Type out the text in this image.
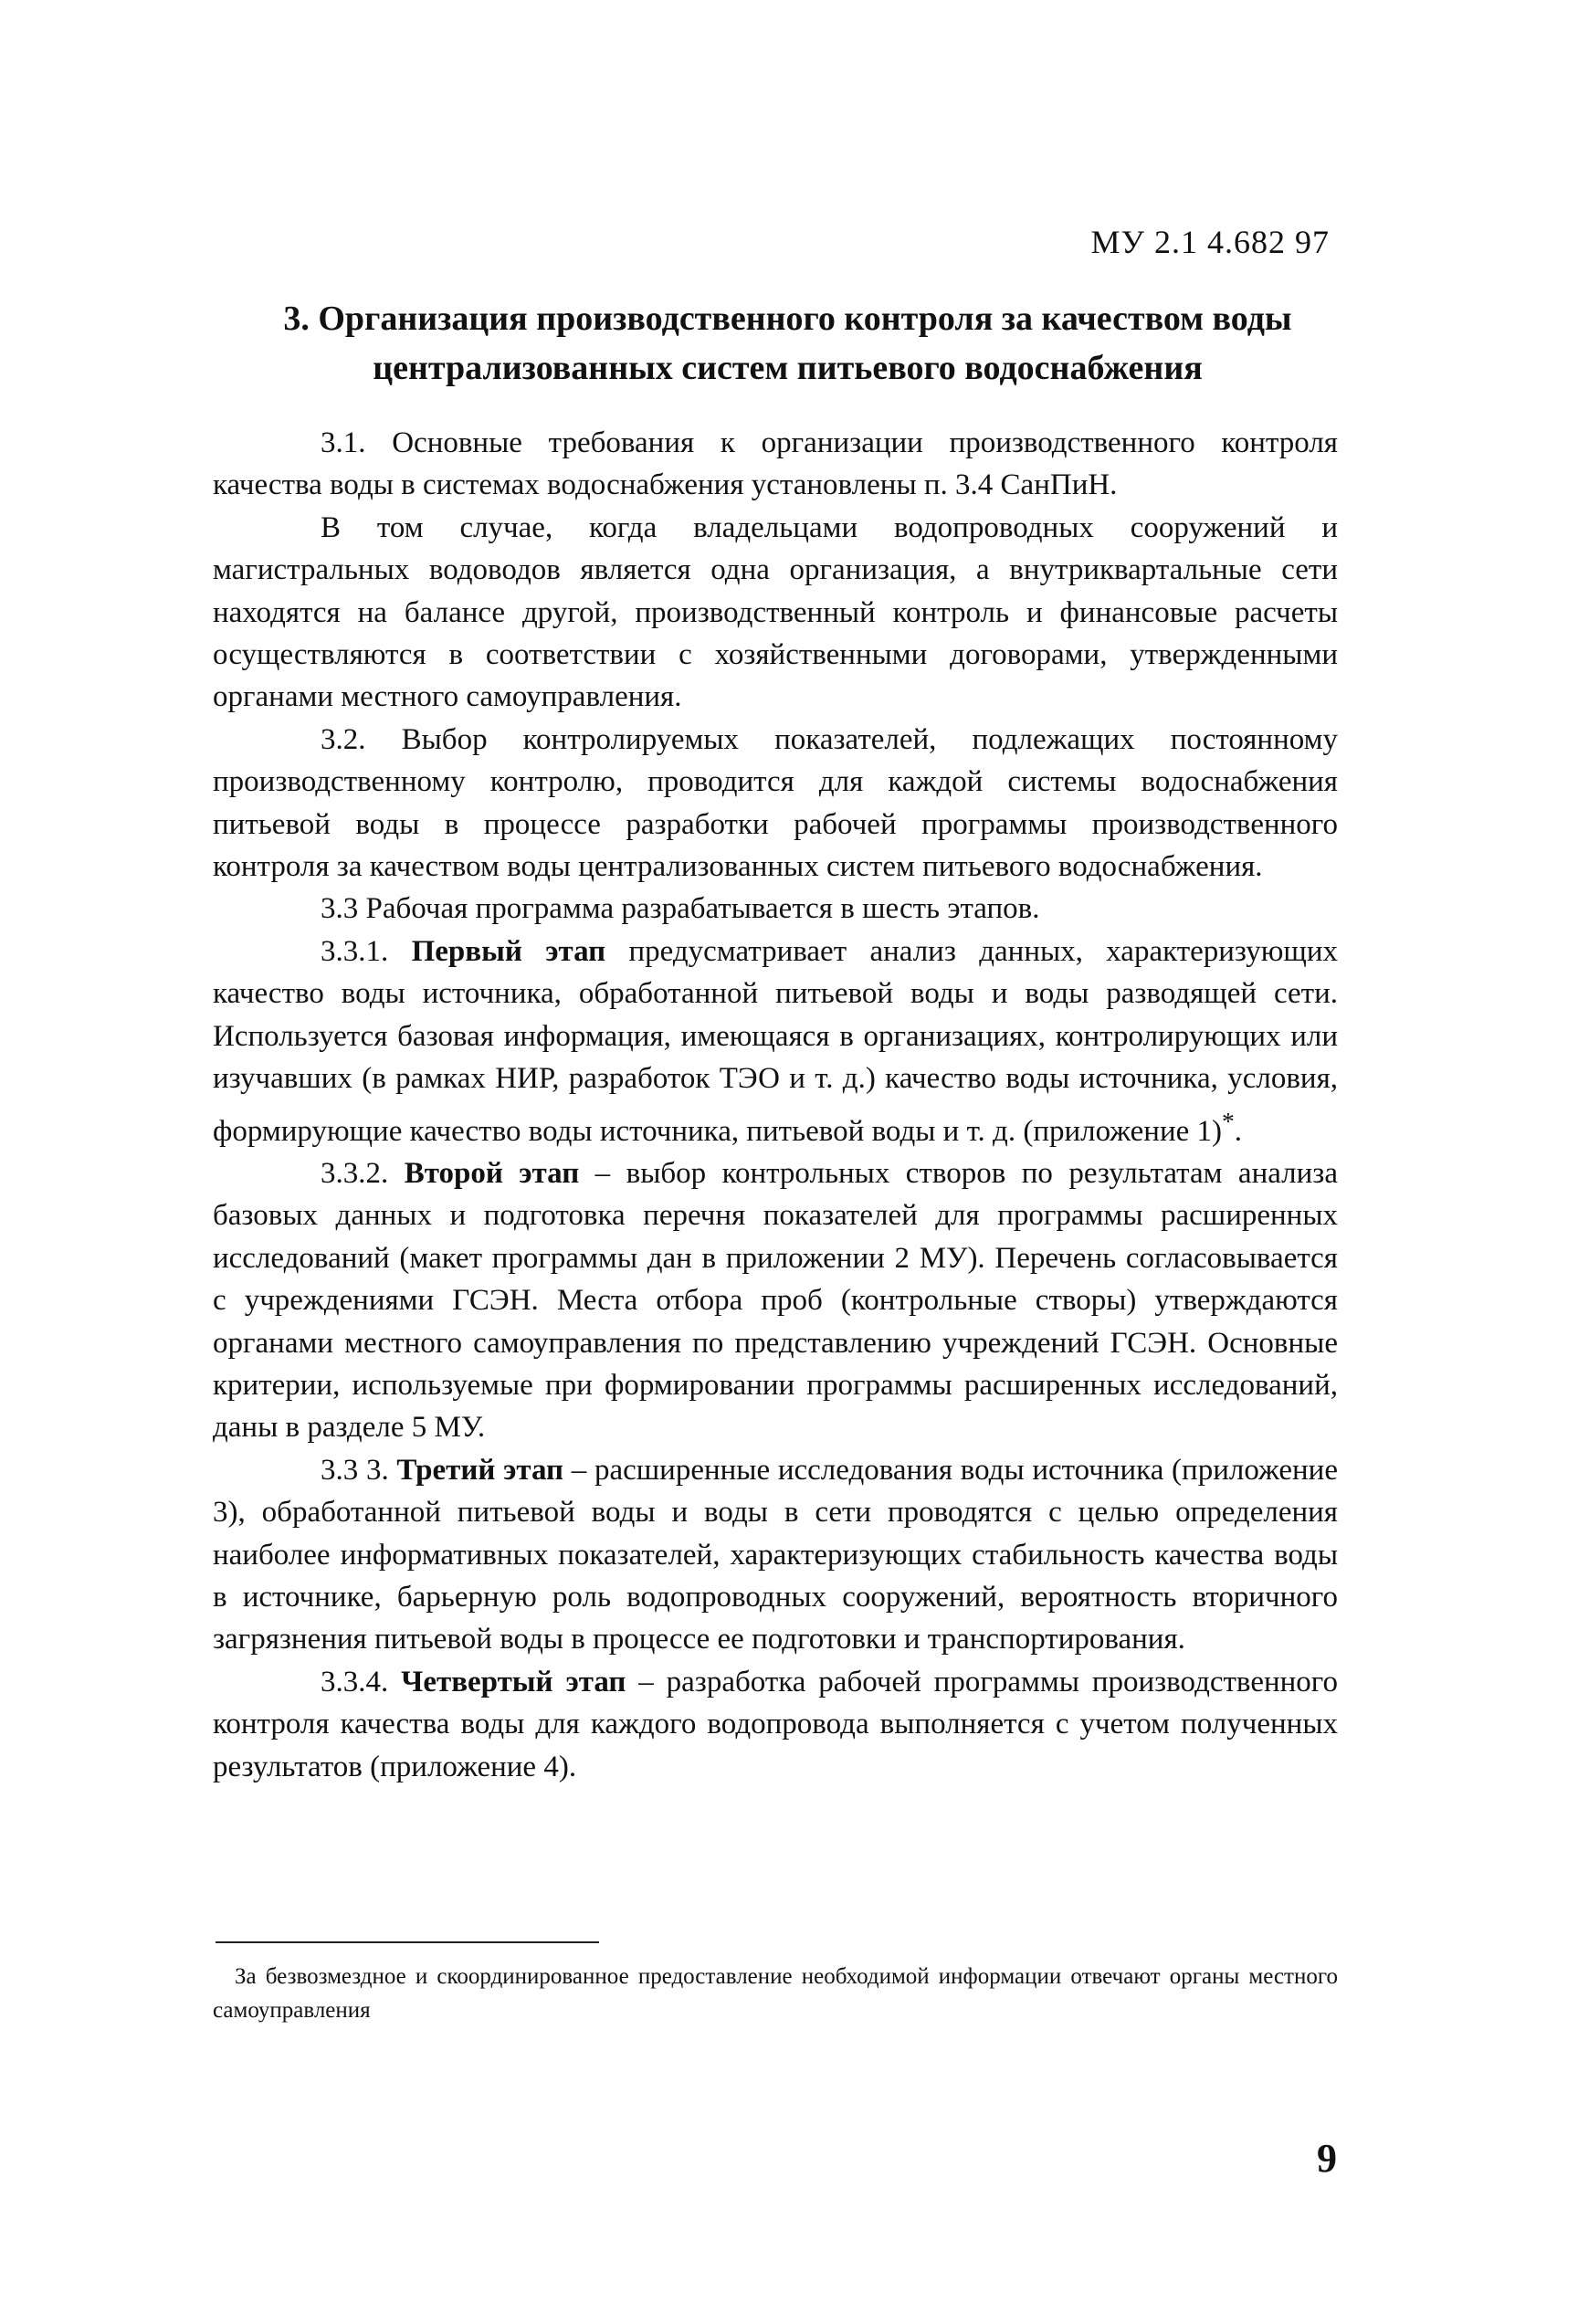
МУ 2.1 4.682 97
3. Организация производственного контроля за качеством воды
централизованных систем питьевого водоснабжения

3.1. Основные требования к организации производственного контроля качества воды в системах водоснабжения установлены п. 3.4 СанПиН.

В том случае, когда владельцами водопроводных сооружений и магистральных водоводов является одна организация, а внутриквартальные сети находятся на балансе другой, производственный контроль и финансовые расчеты осуществляются в соответствии с хозяйственными договорами, утвержденными органами местного самоуправления.

3.2. Выбор контролируемых показателей, подлежащих постоянному производственному контролю, проводится для каждой системы водоснабжения питьевой воды в процессе разработки рабочей программы производственного контроля за качеством воды централизованных систем питьевого водоснабжения.

3.3 Рабочая программа разрабатывается в шесть этапов.

3.3.1. Первый этап предусматривает анализ данных, характеризующих качество воды источника, обработанной питьевой воды и воды разводящей сети. Используется базовая информация, имеющаяся в организациях, контролирующих или изучавших (в рамках НИР, разработок ТЭО и т. д.) качество воды источника, условия, формирующие качество воды источника, питьевой воды и т. д. (приложение 1)*.

3.3.2. Второй этап – выбор контрольных створов по результатам анализа базовых данных и подготовка перечня показателей для программы расширенных исследований (макет программы дан в приложении 2 МУ). Перечень согласовывается с учреждениями ГСЭН. Места отбора проб (контрольные створы) утверждаются органами местного самоуправления по представлению учреждений ГСЭН. Основные критерии, используемые при формировании программы расширенных исследований, даны в разделе 5 МУ.

3.3 3. Третий этап – расширенные исследования воды источника (приложение 3), обработанной питьевой воды и воды в сети проводятся с целью определения наиболее информативных показателей, характеризующих стабильность качества воды в источнике, барьерную роль водопроводных сооружений, вероятность вторичного загрязнения питьевой воды в процессе ее подготовки и транспортирования.

3.3.4. Четвертый этап – разработка рабочей программы производственного контроля качества воды для каждого водопровода выполняется с учетом полученных результатов (приложение 4).

За безвозмездное и скоординированное предоставление необходимой информации отвечают органы местного самоуправления

9
